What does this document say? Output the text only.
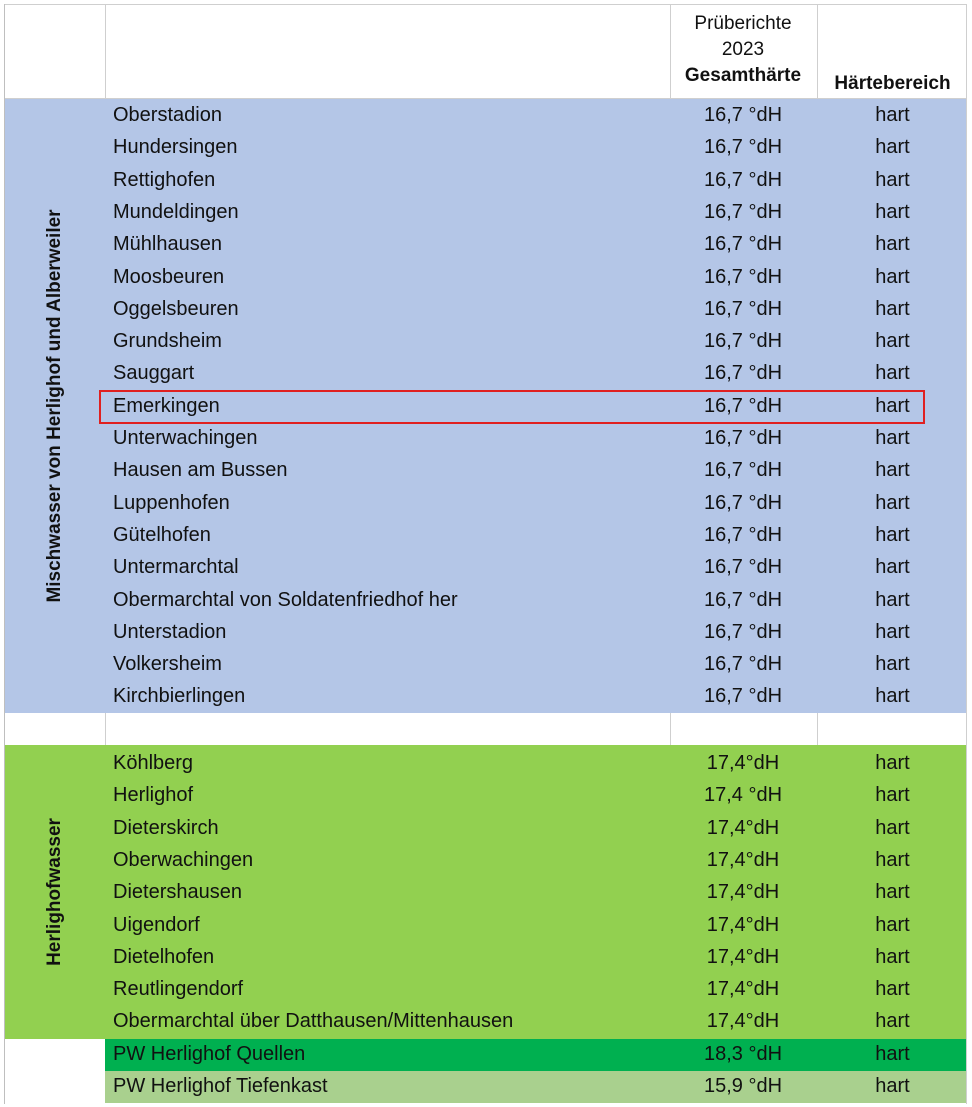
Prüberichte
2023
Gesamthärte	Härtebereich
Mischwasser von Herlighof und Alberweiler
Oberstadion	16,7 °dH	hart
Hundersingen	16,7 °dH	hart
Rettighofen	16,7 °dH	hart
Mundeldingen	16,7 °dH	hart
Mühlhausen	16,7 °dH	hart
Moosbeuren	16,7 °dH	hart
Oggelsbeuren	16,7 °dH	hart
Grundsheim	16,7 °dH	hart
Sauggart	16,7 °dH	hart
Emerkingen	16,7 °dH	hart
Unterwachingen	16,7 °dH	hart
Hausen am Bussen	16,7 °dH	hart
Luppenhofen	16,7 °dH	hart
Gütelhofen	16,7 °dH	hart
Untermarchtal	16,7 °dH	hart
Obermarchtal von Soldatenfriedhof her	16,7 °dH	hart
Unterstadion	16,7 °dH	hart
Volkersheim	16,7 °dH	hart
Kirchbierlingen	16,7 °dH	hart
Herlighofwasser
Köhlberg	17,4°dH	hart
Herlighof	17,4 °dH	hart
Dieterskirch	17,4°dH	hart
Oberwachingen	17,4°dH	hart
Dietershausen	17,4°dH	hart
Uigendorf	17,4°dH	hart
Dietelhofen	17,4°dH	hart
Reutlingendorf	17,4°dH	hart
Obermarchtal über Datthausen/Mittenhausen	17,4°dH	hart
PW Herlighof Quellen	18,3 °dH	hart
PW Herlighof Tiefenkast	15,9 °dH	hart
